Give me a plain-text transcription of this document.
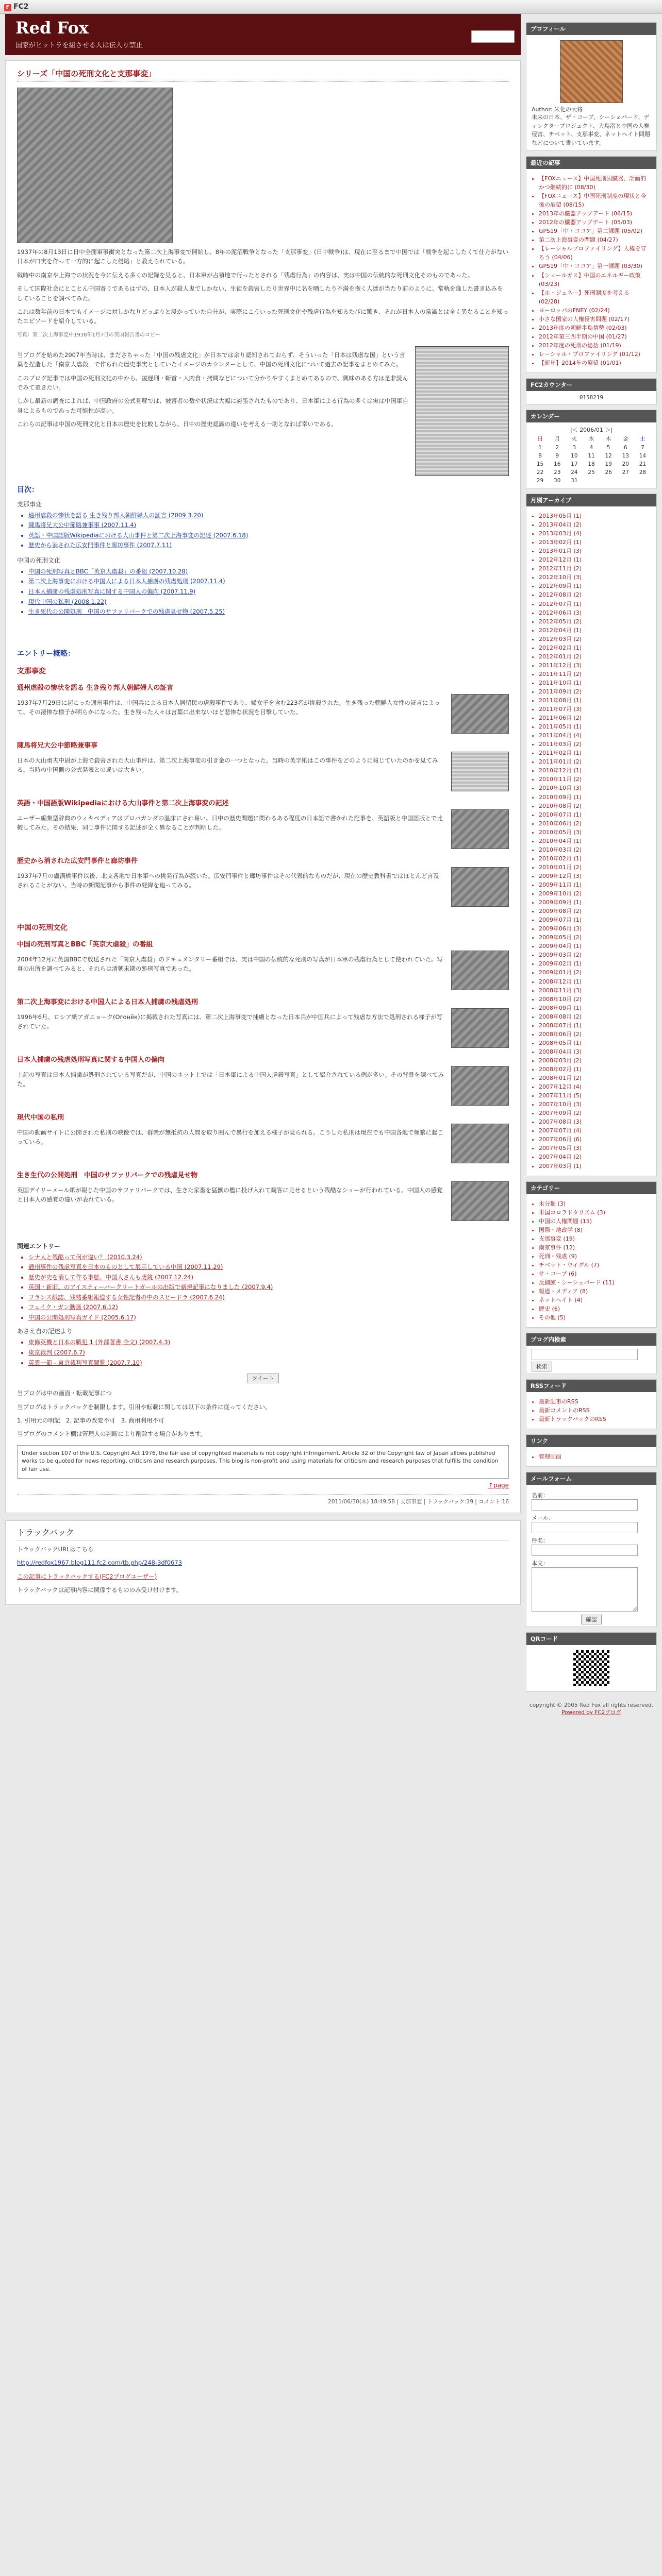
F FC2
Red Fox
国家がヒットラを組させる人は伝入り禁止
ブログの編集
シリーズ「中国の死刑文化と支那事変」

1937年の8月13日に日中全面軍事衝突となった第二次上海事変で開始し、8年の泥沼戦争となった「支那事変」(日中戦争)は、現在に至るまで中国では「戦争を起こしたくて仕方がない日本が口実を作って一方的に起こした侵略」と教えられている。

戦時中の南京や上海での状況を今に伝える多くの記録を見ると、日本軍が占領地で行ったとされる「残虐行為」の内容は、実は中国の伝統的な死刑文化そのものであった。

そして国際社会にとことん中国寄りであるはずの、日本人が殺人鬼でしかない、生徒を殺害したり世界中に名を晒したり不満を抱く人達が当たり前のように、常軌を逸した書き込みをしていることを調べてみた。

これは数年前の日本でもイメージに対しかなりどっぷりと浸かっていた自分が、実際にこういった死刑文化や残虐行為を知るたびに驚き、それが日本人の常識とは全く異なることを知ったエピソードを紹介している。

写真：第二次上海事変中1938年1月7日の英国報告書のコピー

当ブログを始めた2007年当時は、まださちゃった「中国の残虐文化」が日本では余り認知されておらず、そういった「日本は残虐な国」という言葉を捏造した「南京大虐殺」で作られた歴史事実としていたイメージのカウンターとして、中国の死刑文化について過去の記事をまとめてみた。

このブログ記事では中国の死刑文化の中から、凌遅刑・斬首・人肉食・拷問などについて分かりやすくまとめてあるので、興味のある方は是非読んでみて頂きたい。

しかし最新の調査によれば、中国政府の公式見解では、被害者の数や状況は大幅に誇張されたものであり、日本軍による行為の多くは実は中国軍自身によるものであった可能性が高い。

これらの記事は中国の死刑文化と日本の歴史を比較しながら、日中の歴史認識の違いを考える一助となれば幸いである。

目次：
支那事変
• 通州虐殺の惨状を語る 生き残り邦人朝鮮婦人の証言 (2009.3.20)
• 陳馬将兄大公中節略兼事事 (2007.11.4)
• 英語・中国語版Wikipediaにおける大山事件と第二次上海事変の記述 (2007.6.18)
• 歴史から消された広安門事件と廊坊事件 (2007.7.11)
中国の死刑文化
• 中国の死刑写真とBBC「英京大虐殺」の番組 (2007.10.28)
• 第二次上海事変における中国人による日本人捕虜の残虐処刑 (2007.11.4)
• 日本人捕虜の残虐処刑写真に関する中国人の偏向 (2007.11.9)
• 現代中国の私刑 (2008.1.22)
• 生き死代の公開処刑　中国のサファリパークでの残虐見せ物 (2007.5.25)
エントリー概略：
支那事変
通州虐殺の惨状を語る 生き残り邦人朝鮮婦人の証言

1937年7月29日に起こった通州事件は、中国兵による日本人居留民の虐殺事件であり、婦女子を含む223名が惨殺された。生き残った朝鮮人女性の証言によって、その凄惨な様子が明らかになった。生き残った人々は言葉に出来ないほど悲惨な状況を目撃していた。

陳馬将兄大公中節略兼事事

日本の大山勇夫中尉が上海で殺害された大山事件は、第二次上海事変の引き金の一つとなった。当時の英字紙はこの事件をどのように報じていたのかを見てみる。当時の中国側の公式発表との違いは大きい。

英語・中国語版Wikipediaにおける大山事件と第二次上海事変の記述

ユーザー編集型辞典のウィキペディアはプロパガンダの温床にされ易い。日中の歴史問題に関わるある程度の日本語で書かれた記事を、英語版と中国語版とで比較してみた。その結果、同じ事件に関する記述が全く異なることが判明した。

歴史から消された広安門事件と廊坊事件

1937年7月の盧溝橋事件以後、北支各地で日本軍への挑発行為が続いた。広安門事件と廊坊事件はその代表的なものだが、現在の歴史教科書ではほとんど言及されることがない。当時の新聞記事から事件の経緯を追ってみる。

中国の死刑文化
中国の死刑写真とBBC「英京大虐殺」の番組

2004年12月に英国BBCで放送された「南京大虐殺」のドキュメンタリー番組では、実は中国の伝統的な死刑の写真が日本軍の残虐行為として使われていた。写真の出所を調べてみると、それらは清朝末期の処刑写真であった。

第二次上海事変における中国人による日本人捕虜の残虐処刑

1996年6月、ロシア紙アガニョーク(Огонёк)に掲載された写真には、第二次上海事変で捕虜となった日本兵が中国兵によって残虐な方法で処刑される様子が写されていた。

日本人捕虜の残虐処刑写真に関する中国人の偏向

上記の写真は日本人捕虜が処刑されている写真だが、中国のネット上では「日本軍による中国人虐殺写真」として紹介されている例が多い。その背景を調べてみた。

現代中国の私刑

中国の動画サイトに公開された私刑の映像では、群衆が無抵抗の人間を取り囲んで暴行を加える様子が見られる。こうした私刑は現在でも中国各地で頻繁に起こっている。

生き生代の公開処刑　中国のサファリパークでの残虐見せ物

英国デイリーメール紙が報じた中国のサファリパークでは、生きた家畜を猛獣の檻に投げ入れて観客に見せるという残酷なショーが行われている。中国人の感覚と日本人の感覚の違いが表れている。

関連エントリー
• シナ人と残酷って何が違い？ (2010.3.24)
• 通州事件の残虐写真を日本のものとして展示している中国 (2007.11.29)
• 歴史が史を消して作る事態、中国人さんも凄鏡 (2007.12.24)
• 英国・新旧、のアイスティーパークリートガールの出版で新規記事になりました (2007.9.4)
• フランス紙誌、残酷番組報道する女性記者の中のスピードラ (2007.6.24)
• フェイク・ガン動画 (2007.6.12)
• 中国の公開処刑写真ガイド (2005.6.17)
あさえ自の記述より
• 東條英機と日本の戦犯 1 (外部著書 全文) (2007.4.3)
• 東京裁判 (2007.6.7)
• 英霊一節 - 東京裁判写真閲覧 (2007.7.10)
ツイート

当ブログは中の画面・転載記事につ

当ブログはトラックバックを制限します。引用や転載に関しては以下の条件に従ってください。

1. 引用元の明記　2. 記事の改変不可　3. 商用利用不可

当ブログのコメント欄は管理人の判断により削除する場合があります。

Under section 107 of the U.S. Copyright Act 1976, the fair use of copyrighted materials is not copyright infringement. Article 32 of the Copyright law of Japan allows published works to be quoted for news reporting, criticism and research purposes. This blog is non-profit and using materials for criticism and research purposes that fulfills the condition of fair use.
↑page
2011/06/30(木) 18:49:58 | 支那事変 | トラックバック:19 | コメント:16
トラックバック

トラックバックURLはこちら

http://redfox1967.blog111.fc2.com/tb.php/248-3df0673

この記事にトラックバックする(FC2ブログユーザー)

トラックバックは記事内容に関係するもののみ受け付けます。

プロフィール
Author: 朱化の大将
未来の日本、ザ・コーブ、シーシェパード、ディレクタープロジェクト、大島渚と中国の人権侵害、チベット、支那事変、ネットヘイト問題などについて書いています。
最近の記事
• 【FOXニュース】中国死刑囚臓器、計画的かつ継続的に (08/30)
• 【FOXニュース】中国死刑制度の現状と今後の展望 (08/15)
• 2013年の臓器アップデート (06/15)
• 2012年の臓器アップデート (05/03)
• GPS19「中・ココア」第二課題 (05/02)
• 第二次上海事変の問題 (04/27)
• 【レーシャルプロファイリング】人権を守ろう (04/06)
• GPS19「中・ココア」第一課題 (03/30)
• 【シェールガス】中国のエネルギー政策 (03/23)
• 【ホ・ジュネー】死刑制度を考える (02/28)
• ヨーロッパのFNEY (02/24)
• 小さな国家の人権侵害問題 (02/17)
• 2013年度の朝鮮半島情勢 (02/03)
• 2012年第三四半期の中国 (01/27)
• 2012年度の死刑の総括 (01/19)
• レーシャル・プロファイリング (01/12)
• 【新年】2014年の展望 (01/01)
FC2カウンター
0158219
カレンダー
|＜ 2006/01 ＞|
日	月	火	水	木	金	土
1	2	3	4	5	6	7
8	9	10	11	12	13	14
15	16	17	18	19	20	21
22	23	24	25	26	27	28
29	30	31				
月別アーカイブ
• 2013年05月 (1)
• 2013年04月 (2)
• 2013年03月 (4)
• 2013年02月 (1)
• 2013年01月 (3)
• 2012年12月 (1)
• 2012年11月 (2)
• 2012年10月 (3)
• 2012年09月 (1)
• 2012年08月 (2)
• 2012年07月 (1)
• 2012年06月 (3)
• 2012年05月 (2)
• 2012年04月 (1)
• 2012年03月 (2)
• 2012年02月 (1)
• 2012年01月 (2)
• 2011年12月 (3)
• 2011年11月 (2)
• 2011年10月 (1)
• 2011年09月 (2)
• 2011年08月 (1)
• 2011年07月 (3)
• 2011年06月 (2)
• 2011年05月 (1)
• 2011年04月 (4)
• 2011年03月 (2)
• 2011年02月 (1)
• 2011年01月 (2)
• 2010年12月 (1)
• 2010年11月 (2)
• 2010年10月 (3)
• 2010年09月 (1)
• 2010年08月 (2)
• 2010年07月 (1)
• 2010年06月 (2)
• 2010年05月 (3)
• 2010年04月 (1)
• 2010年03月 (2)
• 2010年02月 (1)
• 2010年01月 (2)
• 2009年12月 (3)
• 2009年11月 (1)
• 2009年10月 (2)
• 2009年09月 (1)
• 2009年08月 (2)
• 2009年07月 (1)
• 2009年06月 (3)
• 2009年05月 (2)
• 2009年04月 (1)
• 2009年03月 (2)
• 2009年02月 (1)
• 2009年01月 (2)
• 2008年12月 (1)
• 2008年11月 (3)
• 2008年10月 (2)
• 2008年09月 (1)
• 2008年08月 (2)
• 2008年07月 (1)
• 2008年06月 (2)
• 2008年05月 (1)
• 2008年04月 (3)
• 2008年03月 (2)
• 2008年02月 (1)
• 2008年01月 (2)
• 2007年12月 (4)
• 2007年11月 (5)
• 2007年10月 (3)
• 2007年09月 (2)
• 2007年08月 (3)
• 2007年07月 (4)
• 2007年06月 (6)
• 2007年05月 (3)
• 2007年04月 (2)
• 2007年03月 (1)
カテゴリー
• 未分類 (3)
• 米国コロラドタリズム (3)
• 中国の人権問題 (15)
• 国際・地政学 (8)
• 支那事変 (19)
• 南京事件 (12)
• 死刑・残虐 (9)
• チベット・ウイグル (7)
• サ・コーブ (6)
• 反捕鯨・シーシェパード (11)
• 報道・メディア (8)
• ネットヘイト (4)
• 歴史 (6)
• その他 (5)
ブログ内検索
検索
RSSフィード
• 最新記事のRSS
• 最新コメントのRSS
• 最新トラックバックのRSS
リンク
• 管理画面
メールフォーム
名前：
メール：
件名：
本文：
確認
QRコード
copyright © 2005 Red Fox all rights reserved.
Powered by FC2ブログ
